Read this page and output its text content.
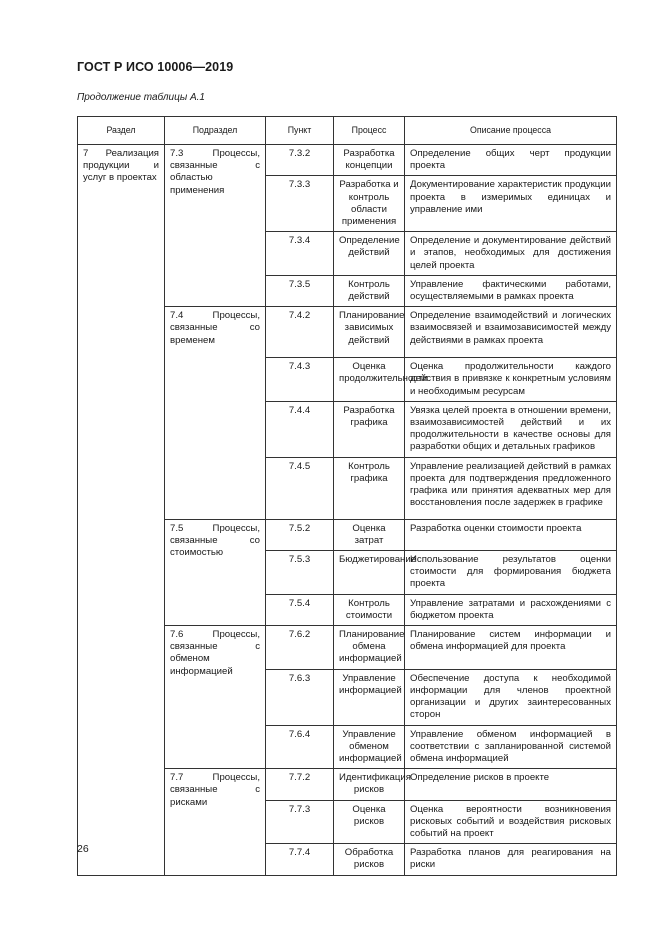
ГОСТ Р ИСО 10006—2019
Продолжение таблицы А.1
Раздел	Подраздел	Пункт	Процесс	Описание процесса
7 Реализация продукции и услуг в проектах	7.3 Процессы, связанные с областью применения	7.3.2	Разработка концепции	Определение общих черт продукции проекта
		7.3.3	Разработка и контроль области применения	Документирование характеристик продукции проекта в измеримых единицах и управление ими
		7.3.4	Определение действий	Определение и документирование действий и этапов, необходимых для достижения целей проекта
		7.3.5	Контроль действий	Управление фактическими работами, осуществляемыми в рамках проекта
	7.4 Процессы, связанные со временем	7.4.2	Планирование зависимых действий	Определение взаимодействий и логических взаимосвязей и взаимозависимостей между действиями в рамках проекта
		7.4.3	Оценка продолжительности	Оценка продолжительности каждого действия в привязке к конкретным условиям и необходимым ресурсам
		7.4.4	Разработка графика	Увязка целей проекта в отношении времени, взаимозависимостей действий и их продолжительности в качестве основы для разработки общих и детальных графиков
		7.4.5	Контроль графика	Управление реализацией действий в рамках проекта для подтверждения предложенного графика или принятия адекватных мер для восстановления после задержек в графике
	7.5 Процессы, связанные со стоимостью	7.5.2	Оценка затрат	Разработка оценки стоимости проекта
		7.5.3	Бюджетирование	Использование результатов оценки стоимости для формирования бюджета проекта
		7.5.4	Контроль стоимости	Управление затратами и расхождениями с бюджетом проекта
	7.6 Процессы, связанные с обменом информацией	7.6.2	Планирование обмена информацией	Планирование систем информации и обмена информацией для проекта
		7.6.3	Управление информацией	Обеспечение доступа к необходимой информации для членов проектной организации и других заинтересованных сторон
		7.6.4	Управление обменом информацией	Управление обменом информацией в соответствии с запланированной системой обмена информацией
	7.7 Процессы, связанные с рисками	7.7.2	Идентификация рисков	Определение рисков в проекте
		7.7.3	Оценка рисков	Оценка вероятности возникновения рисковых событий и воздействия рисковых событий на проект
		7.7.4	Обработка рисков	Разработка планов для реагирования на риски
26
